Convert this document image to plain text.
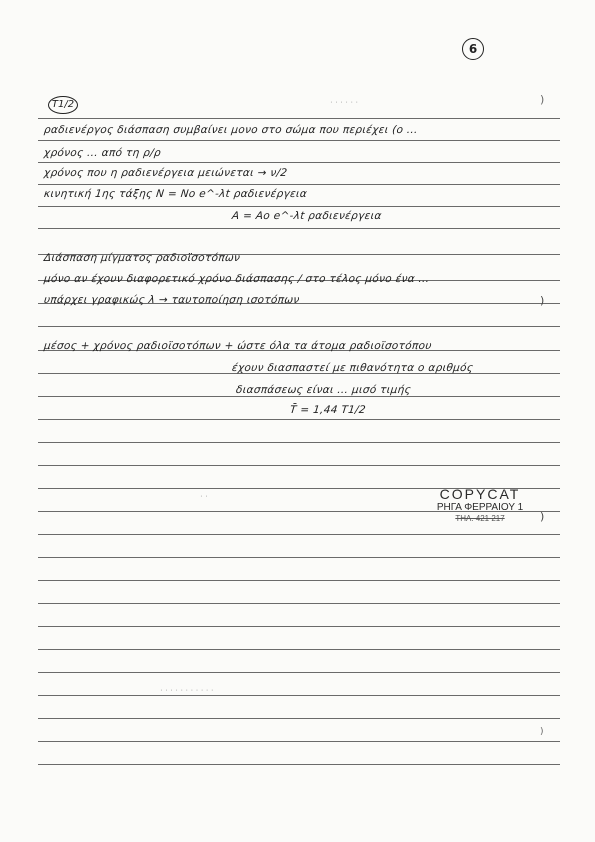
6
T1/2
ραδιενέργος διάσπαση συμβαίνει μονο στο σώμα που περιέχει (ο ...
χρόνος ... από τη ρ/ρ
χρόνος που η ραδιενέργεια μειώνεται → ν/2
κινητική 1ης τάξης N = No e^-λt ραδιενέργεια
A = Ao e^-λt ραδιενέργεια
Διάσπαση μίγματος ραδιοϊσοτόπων
μόνο αν έχουν διαφορετικό χρόνο διάσπασης / στο τέλος μόνο ένα ...
υπάρχει γραφικώς λ → ταυτοποίηση ισοτόπων
μέσος + χρόνος ραδιοϊσοτόπων + ώστε όλα τα άτομα ραδιοϊσοτόπου
έχουν διασπαστεί με πιθανότητα ο αριθμός
διασπάσεως είναι ... μισό τιμής
T̄ = 1,44 T1/2
)
)
)
)
⋅ ⋅ ⋅ ⋅ ⋅ ⋅
⋅ ⋅
⋅ ⋅ ⋅ ⋅ ⋅ ⋅ ⋅ ⋅ ⋅ ⋅ ⋅
COPYCAT
ΡΗΓΑ ΦΕΡΡΑΙΟΥ 1
ΤΗΛ. 421 217
